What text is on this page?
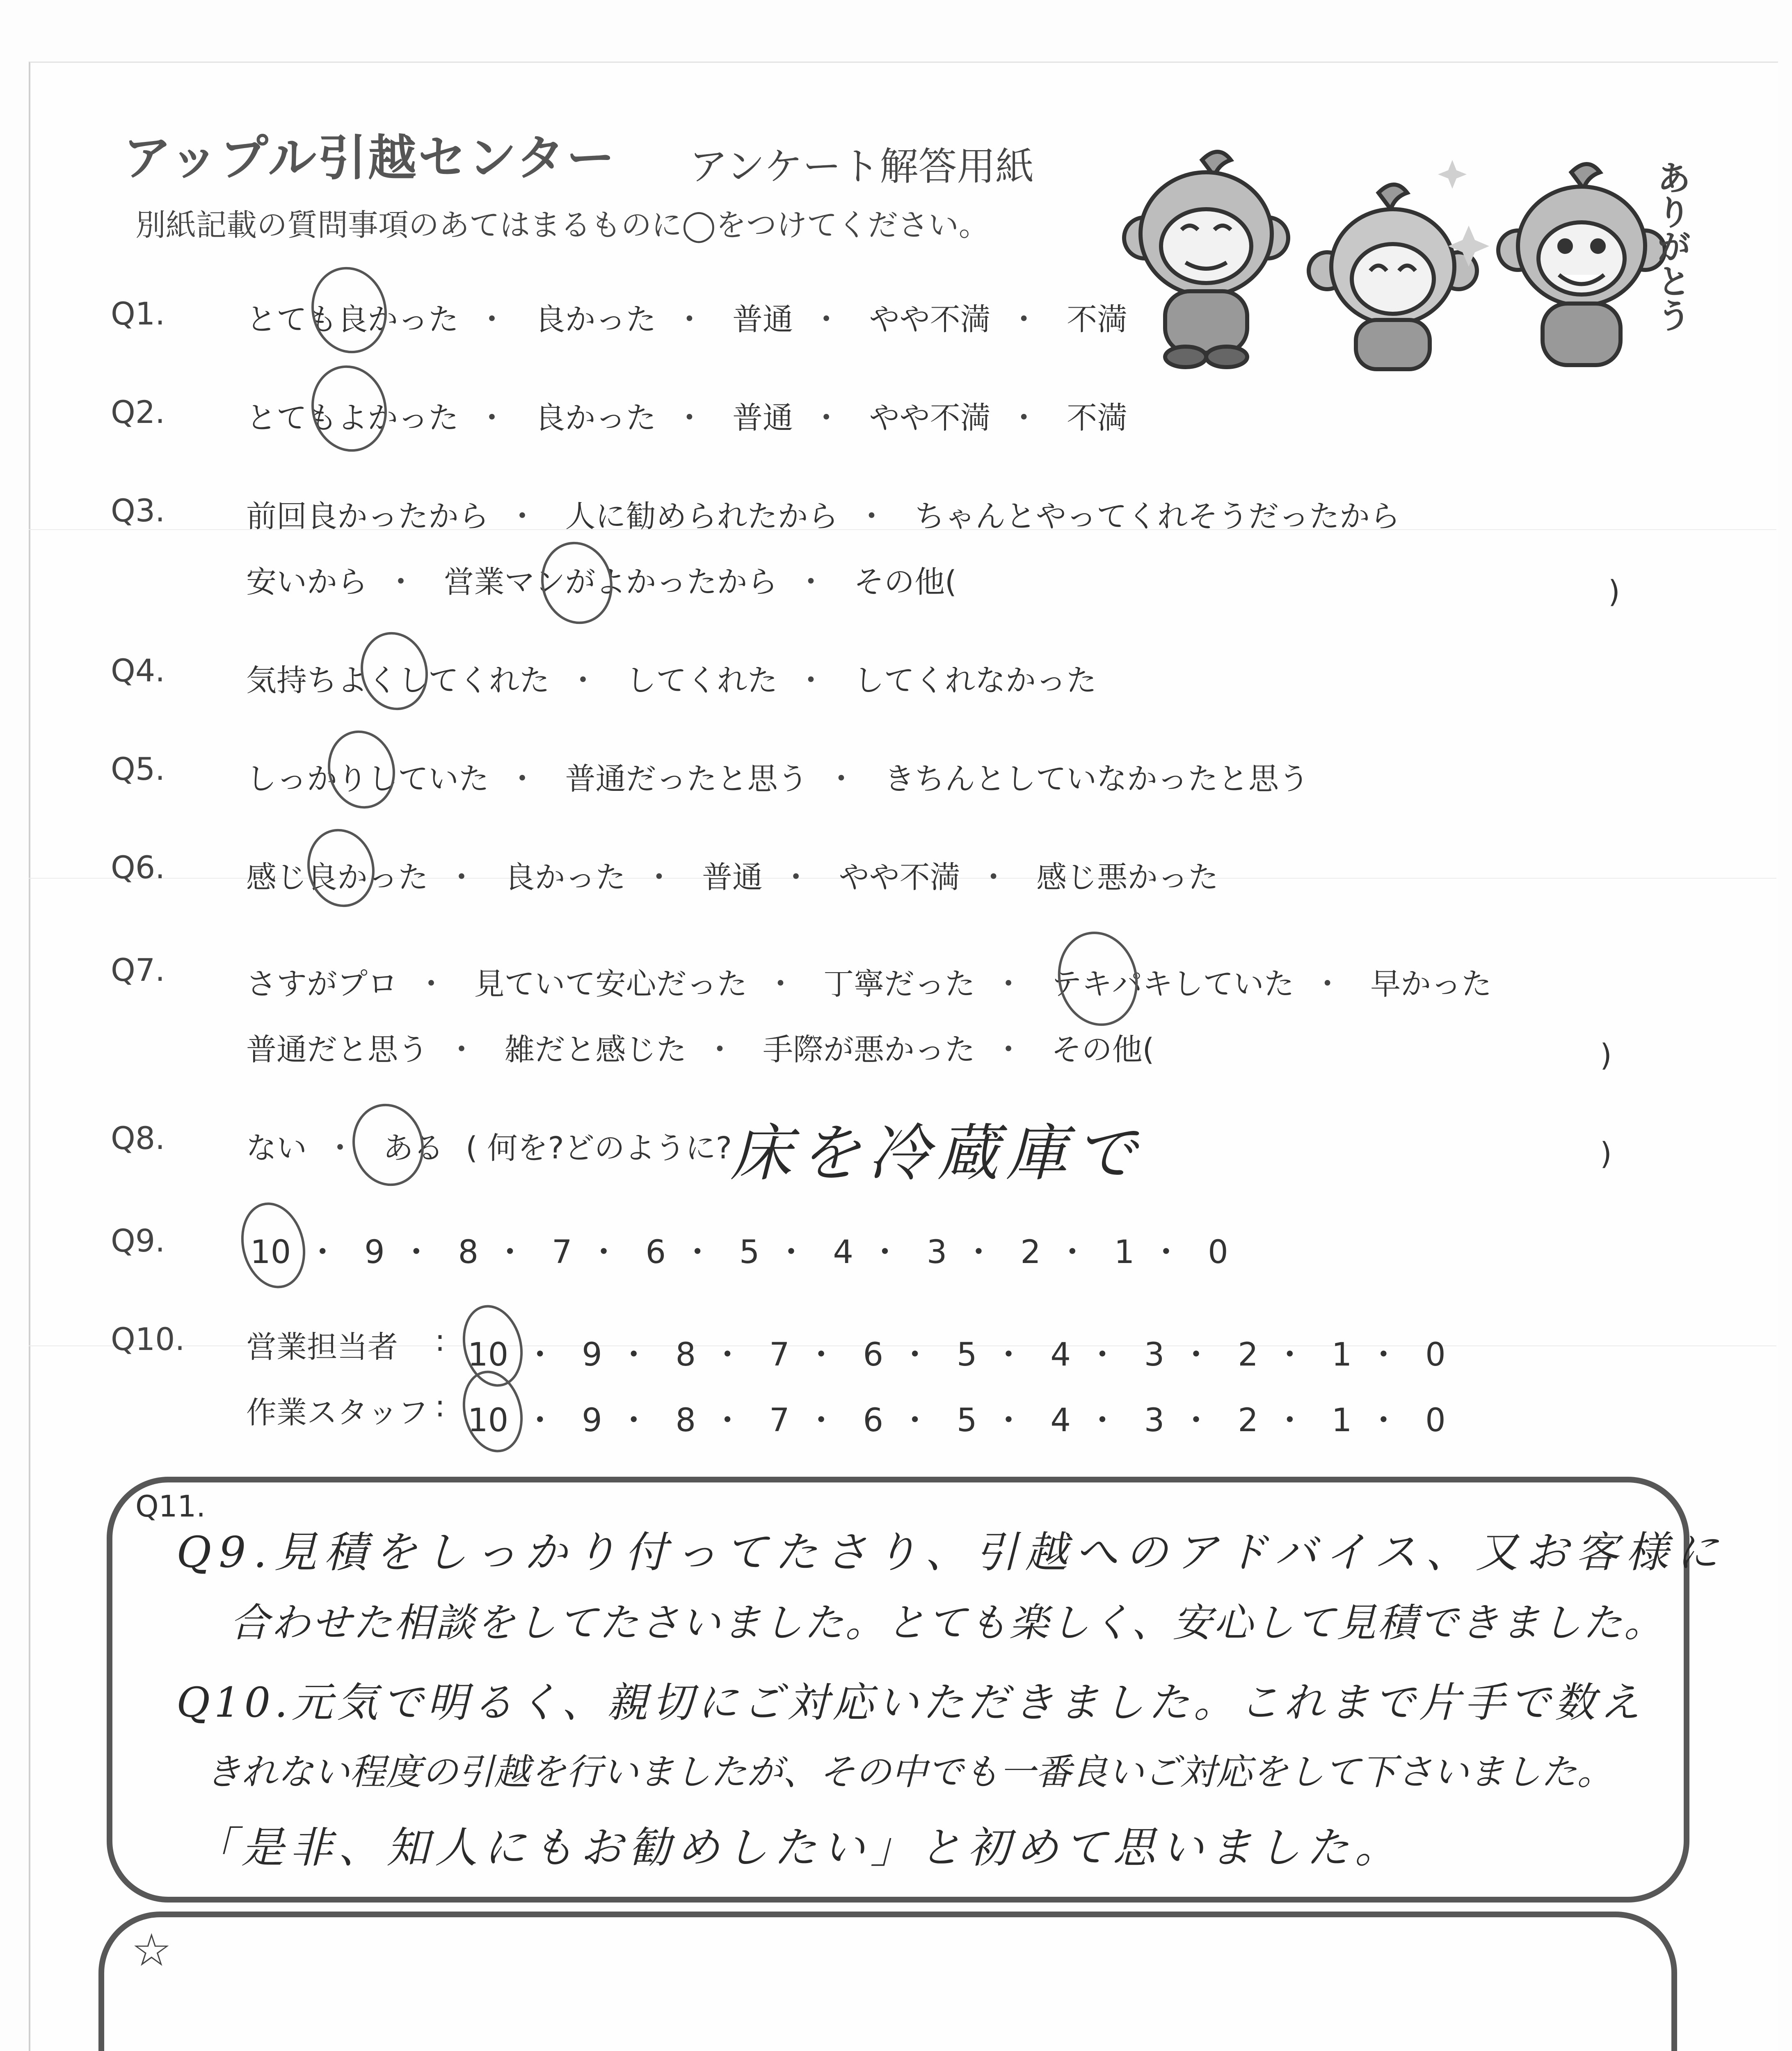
アップル引越センター アンケート解答用紙
別紙記載の質問事項のあてはまるものに◯をつけてください。	ありがとう
Q1.	とても良かった ・ 良かった ・ 普通 ・ やや不満 ・ 不満
Q2.	とてもよかった ・ 良かった ・ 普通 ・ やや不満 ・ 不満
Q3.	前回良かったから ・ 人に勧められたから ・ ちゃんとやってくれそうだったから
安いから ・ 営業マンがよかったから ・ その他(	)
Q4.	気持ちよくしてくれた ・ してくれた ・ してくれなかった
Q5.	しっかりしていた ・ 普通だったと思う ・ きちんとしていなかったと思う
Q6.	感じ良かった ・ 良かった ・ 普通 ・ やや不満 ・ 感じ悪かった
Q7.	さすがプロ ・ 見ていて安心だった ・ 丁寧だった ・ テキパキしていた ・ 早かった
普通だと思う ・ 雑だと感じた ・ 手際が悪かった ・ その他(	)
Q8.	ない ・ ある ( 何を?どのように?
床を冷蔵庫で	)
Q9.	10 ・ 9 ・ 8 ・ 7 ・ 6 ・ 5 ・ 4 ・ 3 ・ 2 ・ 1 ・ 0
Q10. 営業担当者 : 10 ・ 9 ・ 8 ・ 7 ・ 6 ・ 5 ・ 4 ・ 3 ・ 2 ・ 1 ・ 0
作業スタッフ : 10 ・ 9 ・ 8 ・ 7 ・ 6 ・ 5 ・ 4 ・ 3 ・ 2 ・ 1 ・ 0
Q11.
Q9.見積をしっかり付ってたさり、引越へのアドバイス、又お客様に
合わせた相談をしてたさいました。とても楽しく、安心して見積できました。
Q10.元気で明るく、親切にご対応いただきました。これまで片手で数え
きれない程度の引越を行いましたが、その中でも一番良いご対応をして下さいました。
「是非、知人にもお勧めしたい」と初めて思いました。
☆
